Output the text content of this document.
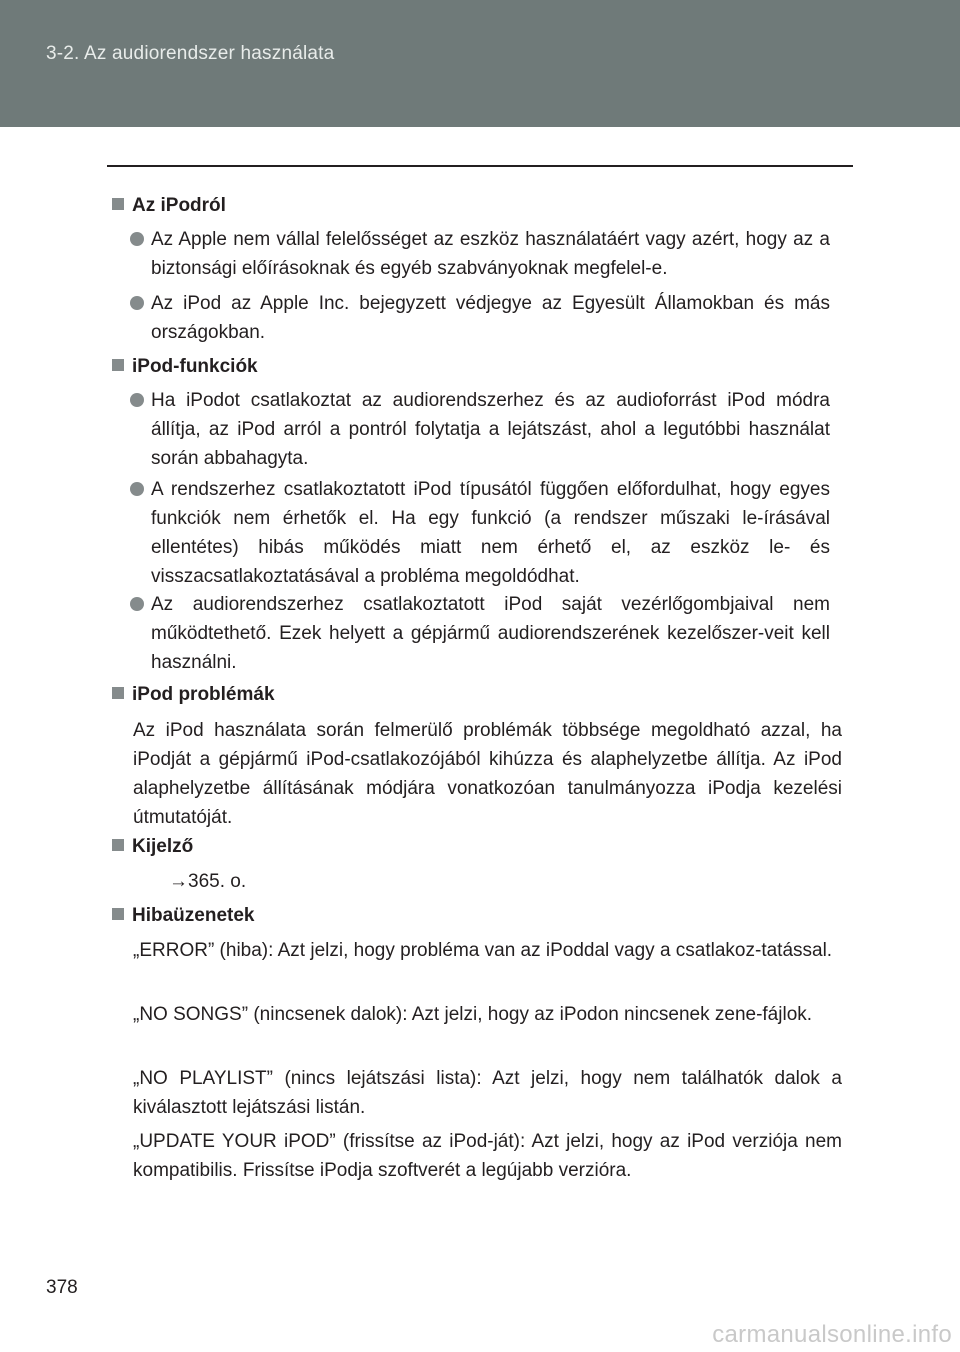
3-2. Az audiorendszer használata
Az iPodról
Az Apple nem vállal felelősséget az eszköz használatáért vagy azért, hogy az a biztonsági előírásoknak és egyéb szabványoknak megfelel-e.
Az iPod az Apple Inc. bejegyzett védjegye az Egyesült Államokban és más országokban.
iPod-funkciók
Ha iPodot csatlakoztat az audiorendszerhez és az audioforrást iPod módra állítja, az iPod arról a pontról folytatja a lejátszást, ahol a legutóbbi használat során abbahagyta.
A rendszerhez csatlakoztatott iPod típusától függően előfordulhat, hogy egyes funkciók nem érhetők el. Ha egy funkció (a rendszer műszaki le-írásával ellentétes) hibás működés miatt nem érhető el, az eszköz le- és visszacsatlakoztatásával a probléma megoldódhat.
Az audiorendszerhez csatlakoztatott iPod saját vezérlőgombjaival nem működtethető. Ezek helyett a gépjármű audiorendszerének kezelőszer-veit kell használni.
iPod problémák
Az iPod használata során felmerülő problémák többsége megoldható azzal, ha iPodját a gépjármű iPod-csatlakozójából kihúzza és alaphelyzetbe állítja. Az iPod alaphelyzetbe állításának módjára vonatkozóan tanulmányozza iPodja kezelési útmutatóját.
Kijelző
→365. o.
Hibaüzenetek
„ERROR” (hiba): Azt jelzi, hogy probléma van az iPoddal vagy a csatlakoz-tatással.
„NO SONGS” (nincsenek dalok): Azt jelzi, hogy az iPodon nincsenek zene-fájlok.
„NO PLAYLIST” (nincs lejátszási lista): Azt jelzi, hogy nem találhatók dalok a kiválasztott lejátszási listán.
„UPDATE YOUR iPOD” (frissítse az iPod-ját): Azt jelzi, hogy az iPod verziója nem kompatibilis. Frissítse iPodja szoftverét a legújabb verzióra.
378
carmanualsonline.info
